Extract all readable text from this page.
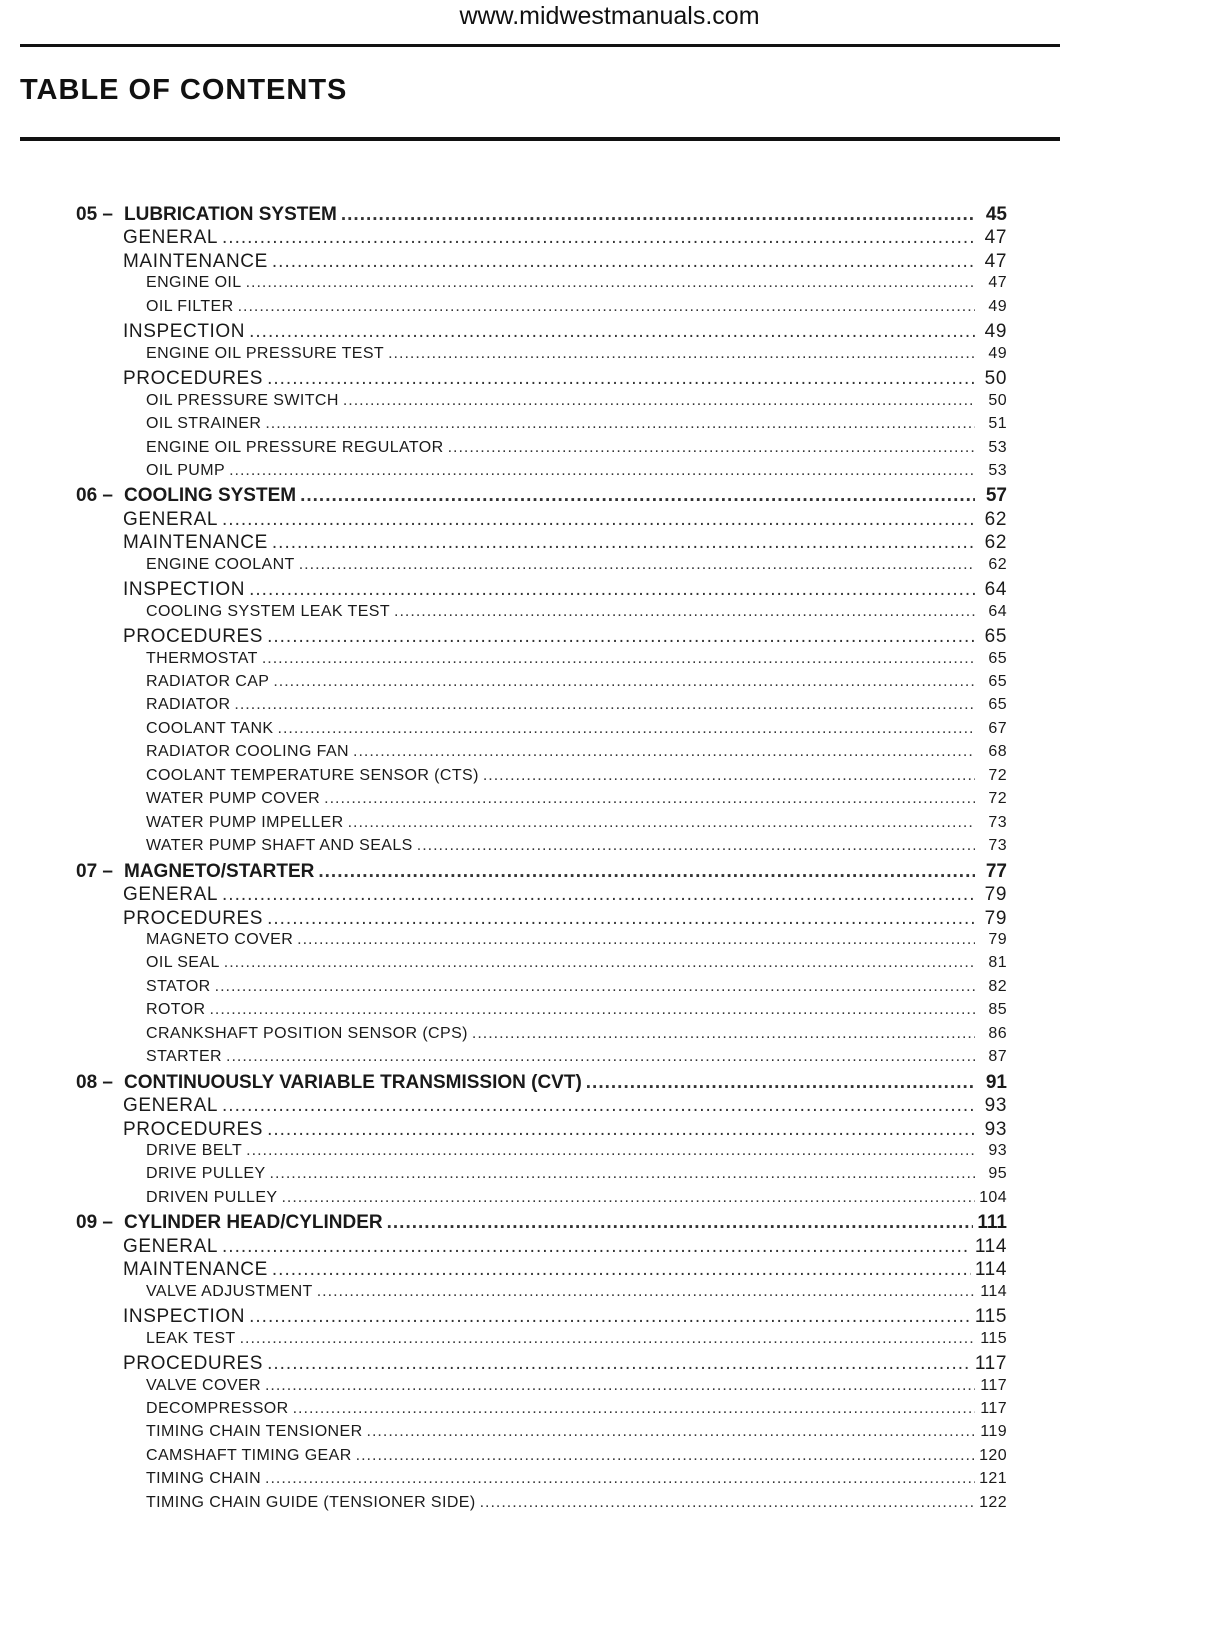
www.midwestmanuals.com
TABLE OF CONTENTS
05 – LUBRICATION SYSTEM .....	45
GENERAL .....	47
MAINTENANCE .....	47
ENGINE OIL .....	47
OIL FILTER .....	49
INSPECTION .....	49
ENGINE OIL PRESSURE TEST .....	49
PROCEDURES .....	50
OIL PRESSURE SWITCH .....	50
OIL STRAINER .....	51
ENGINE OIL PRESSURE REGULATOR .....	53
OIL PUMP .....	53
06 – COOLING SYSTEM .....	57
GENERAL .....	62
MAINTENANCE .....	62
ENGINE COOLANT .....	62
INSPECTION .....	64
COOLING SYSTEM LEAK TEST .....	64
PROCEDURES .....	65
THERMOSTAT .....	65
RADIATOR CAP .....	65
RADIATOR .....	65
COOLANT TANK .....	67
RADIATOR COOLING FAN .....	68
COOLANT TEMPERATURE SENSOR (CTS) .....	72
WATER PUMP COVER .....	72
WATER PUMP IMPELLER .....	73
WATER PUMP SHAFT AND SEALS .....	73
07 – MAGNETO/STARTER .....	77
GENERAL .....	79
PROCEDURES .....	79
MAGNETO COVER .....	79
OIL SEAL .....	81
STATOR .....	82
ROTOR .....	85
CRANKSHAFT POSITION SENSOR (CPS) .....	86
STARTER .....	87
08 – CONTINUOUSLY VARIABLE TRANSMISSION (CVT) .....	91
GENERAL .....	93
PROCEDURES .....	93
DRIVE BELT .....	93
DRIVE PULLEY .....	95
DRIVEN PULLEY .....	104
09 – CYLINDER HEAD/CYLINDER .....	111
GENERAL .....	114
MAINTENANCE .....	114
VALVE ADJUSTMENT .....	114
INSPECTION .....	115
LEAK TEST .....	115
PROCEDURES .....	117
VALVE COVER .....	117
DECOMPRESSOR .....	117
TIMING CHAIN TENSIONER .....	119
CAMSHAFT TIMING GEAR .....	120
TIMING CHAIN .....	121
TIMING CHAIN GUIDE (TENSIONER SIDE) .....	122
